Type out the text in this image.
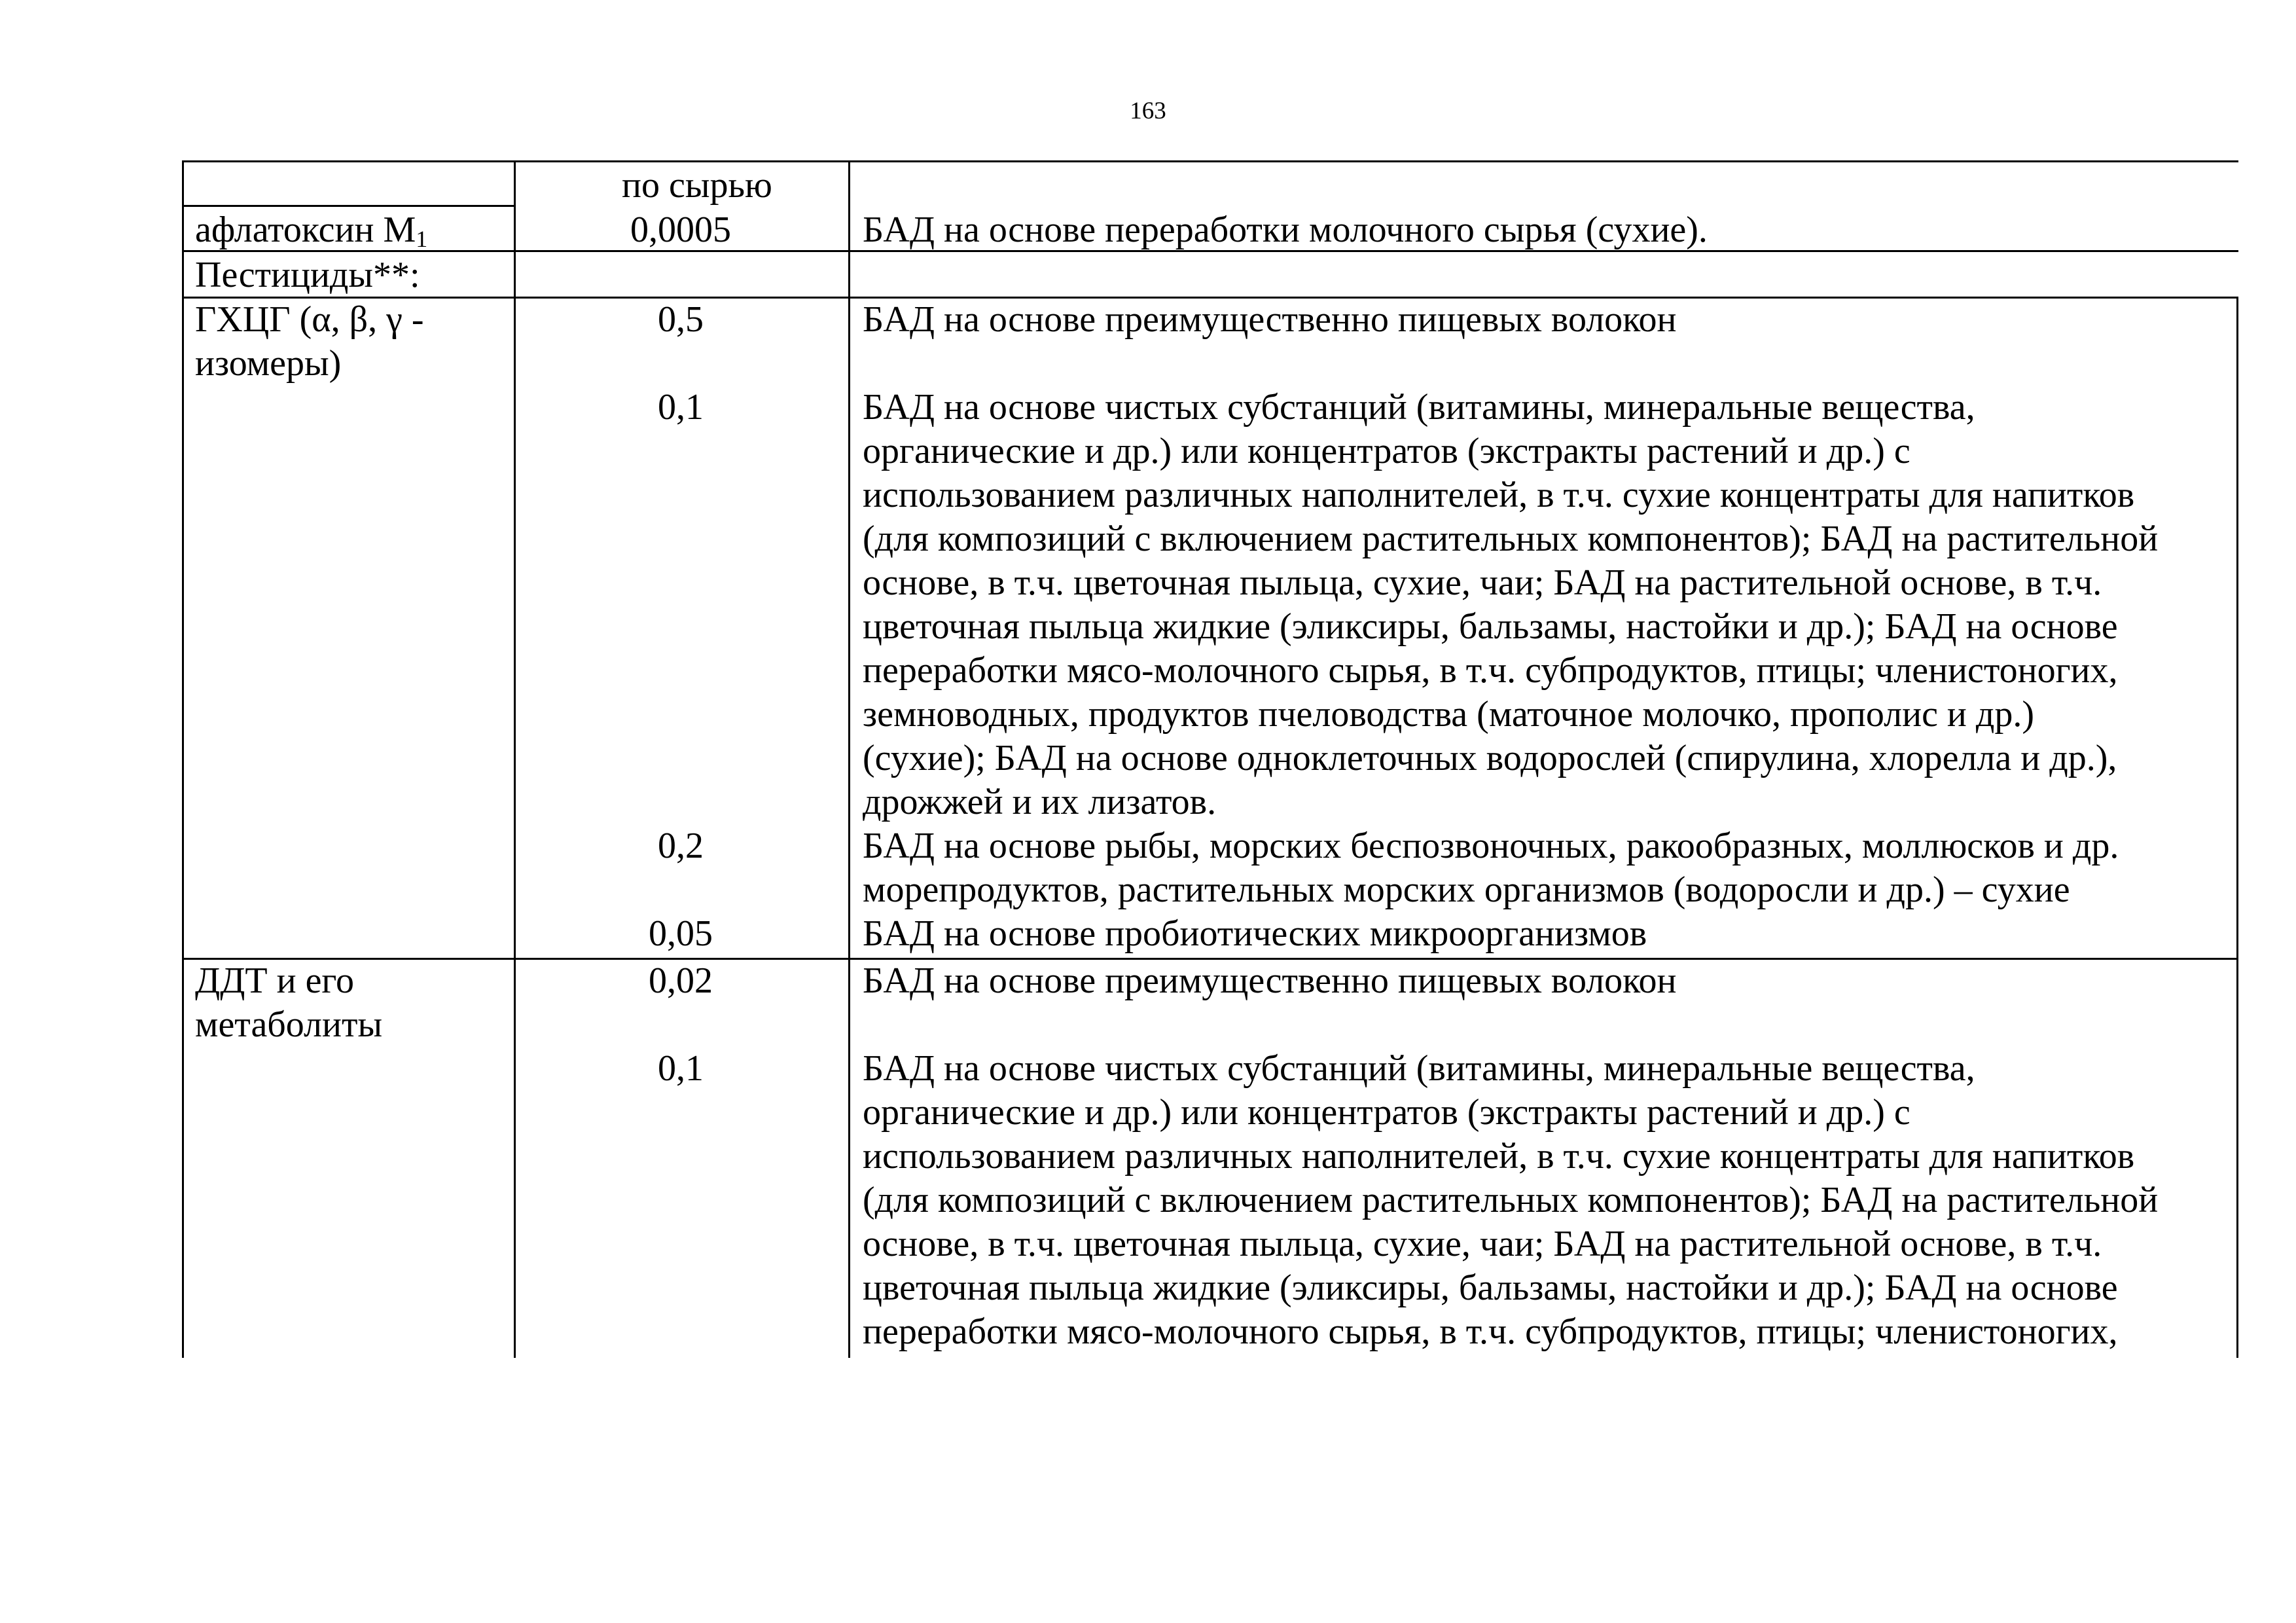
163
по сырью
афлатоксин $М_1$	0,0005	БАД на основе переработки молочного сырья (сухие).
Пестициды**:
ГХЦГ (α, β, γ -
изомеры)
0,5	БАД на основе преимущественно пищевых волокон
0,1	БАД на основе чистых субстанций (витамины, минеральные вещества,
органические и др.) или концентратов (экстракты растений и др.) с
использованием различных наполнителей, в т.ч. сухие концентраты для напитков
(для композиций с включением растительных компонентов); БАД на растительной
основе, в т.ч. цветочная пыльца, сухие, чаи; БАД на растительной основе, в т.ч.
цветочная пыльца жидкие (эликсиры, бальзамы, настойки и др.); БАД на основе
переработки мясо-молочного сырья, в т.ч. субпродуктов, птицы; членистоногих,
земноводных, продуктов пчеловодства (маточное молочко, прополис и др.)
(сухие); БАД на основе одноклеточных водорослей (спирулина, хлорелла и др.),
дрожжей и их лизатов.
0,2	БАД на основе рыбы, морских беспозвоночных, ракообразных, моллюсков и др.
морепродуктов, растительных морских организмов (водоросли и др.) – сухие
0,05	БАД на основе пробиотических микроорганизмов
ДДТ и его
метаболиты
0,02	БАД на основе преимущественно пищевых волокон
0,1	БАД на основе чистых субстанций (витамины, минеральные вещества,
органические и др.) или концентратов (экстракты растений и др.) с
использованием различных наполнителей, в т.ч. сухие концентраты для напитков
(для композиций с включением растительных компонентов); БАД на растительной
основе, в т.ч. цветочная пыльца, сухие, чаи; БАД на растительной основе, в т.ч.
цветочная пыльца жидкие (эликсиры, бальзамы, настойки и др.); БАД на основе
переработки мясо-молочного сырья, в т.ч. субпродуктов, птицы; членистоногих,
